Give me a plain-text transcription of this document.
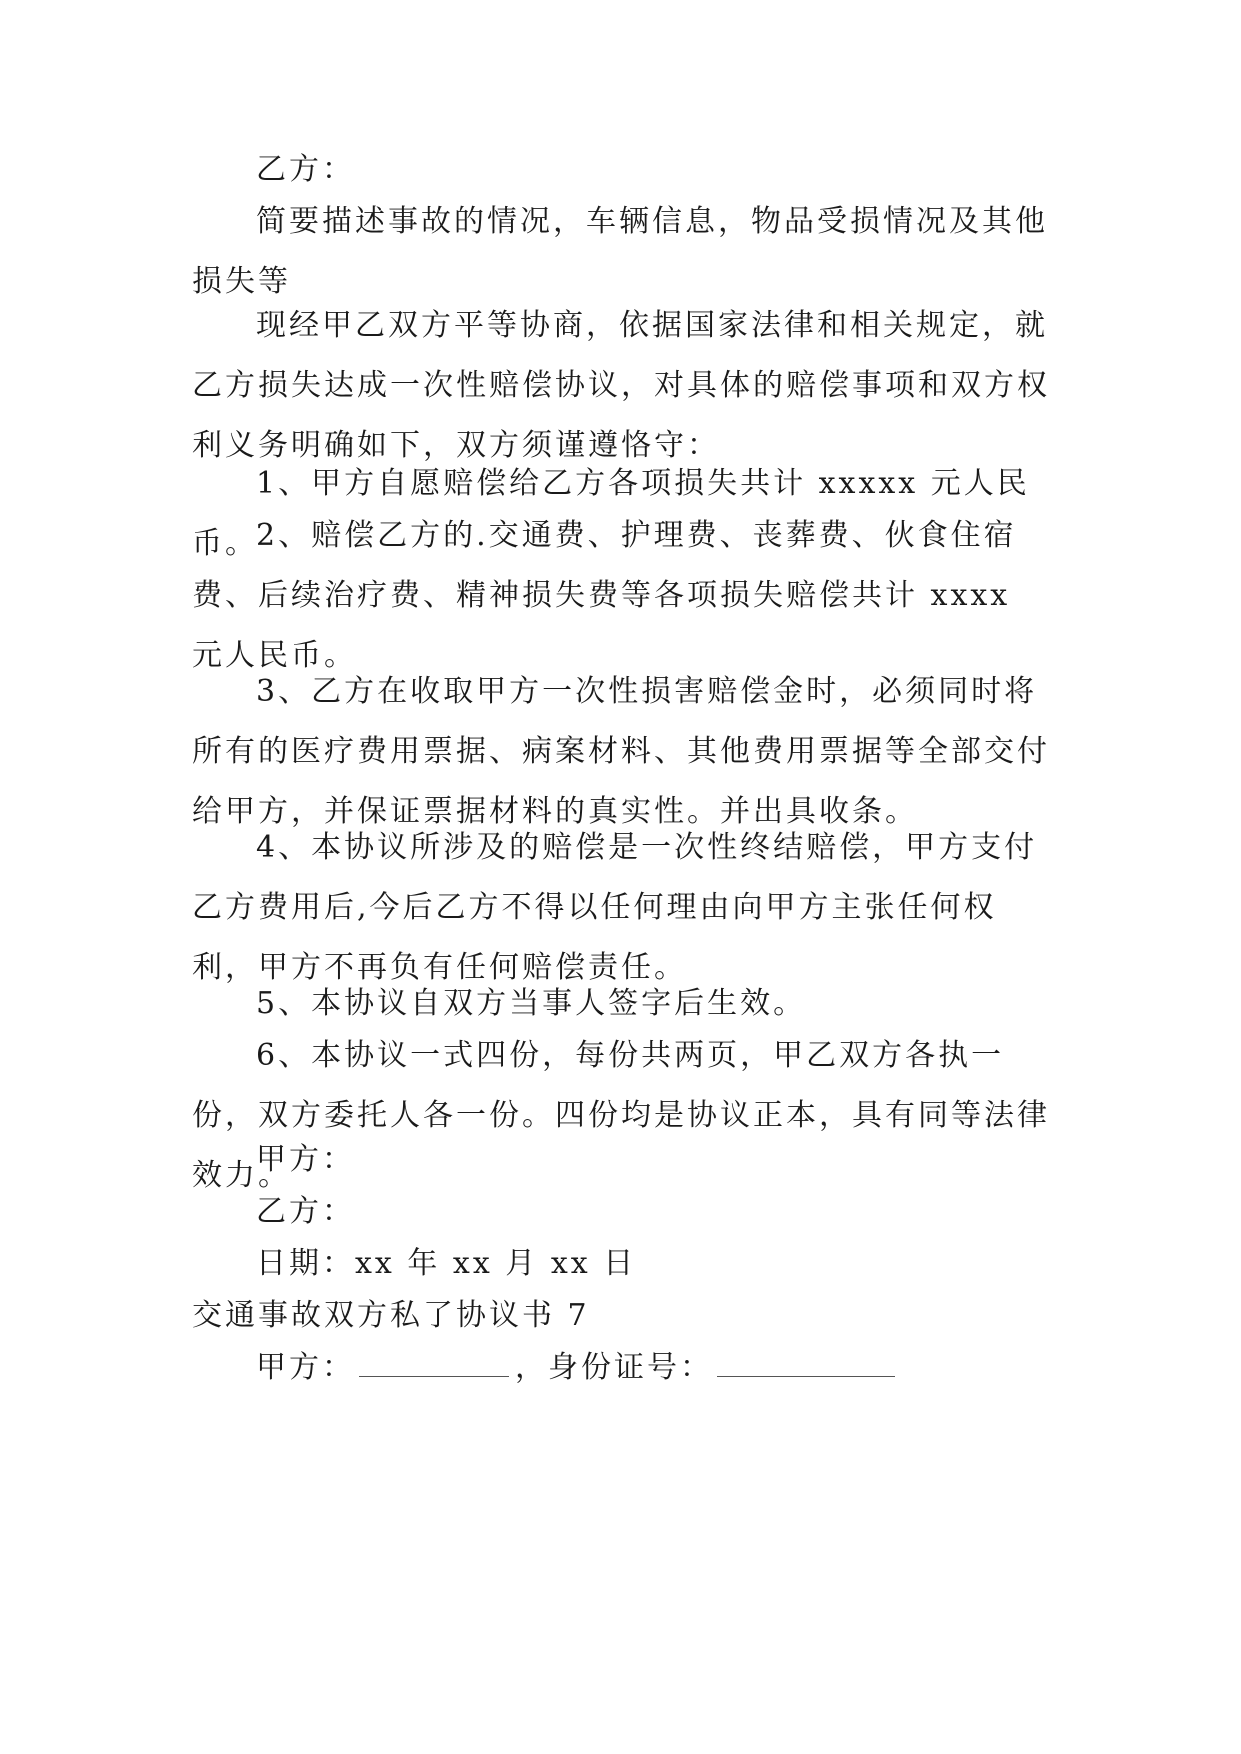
乙方：

简要描述事故的情况，车辆信息，物品受损情况及其他损失等

现经甲乙双方平等协商，依据国家法律和相关规定，就乙方损失达成一次性赔偿协议，对具体的赔偿事项和双方权利义务明确如下，双方须谨遵恪守：

1、甲方自愿赔偿给乙方各项损失共计 xxxxx 元人民币。

2、赔偿乙方的.交通费、护理费、丧葬费、伙食住宿费、后续治疗费、精神损失费等各项损失赔偿共计 xxxx 元人民币。

3、乙方在收取甲方一次性损害赔偿金时，必须同时将所有的医疗费用票据、病案材料、其他费用票据等全部交付给甲方，并保证票据材料的真实性。并出具收条。

4、本协议所涉及的赔偿是一次性终结赔偿，甲方支付乙方费用后,今后乙方不得以任何理由向甲方主张任何权利，甲方不再负有任何赔偿责任。

5、本协议自双方当事人签字后生效。

6、本协议一式四份，每份共两页，甲乙双方各执一份，双方委托人各一份。四份均是协议正本，具有同等法律效力。

甲方：

乙方：

日期：xx 年 xx 月 xx 日

交通事故双方私了协议书 7

甲方：	，身份证号：
